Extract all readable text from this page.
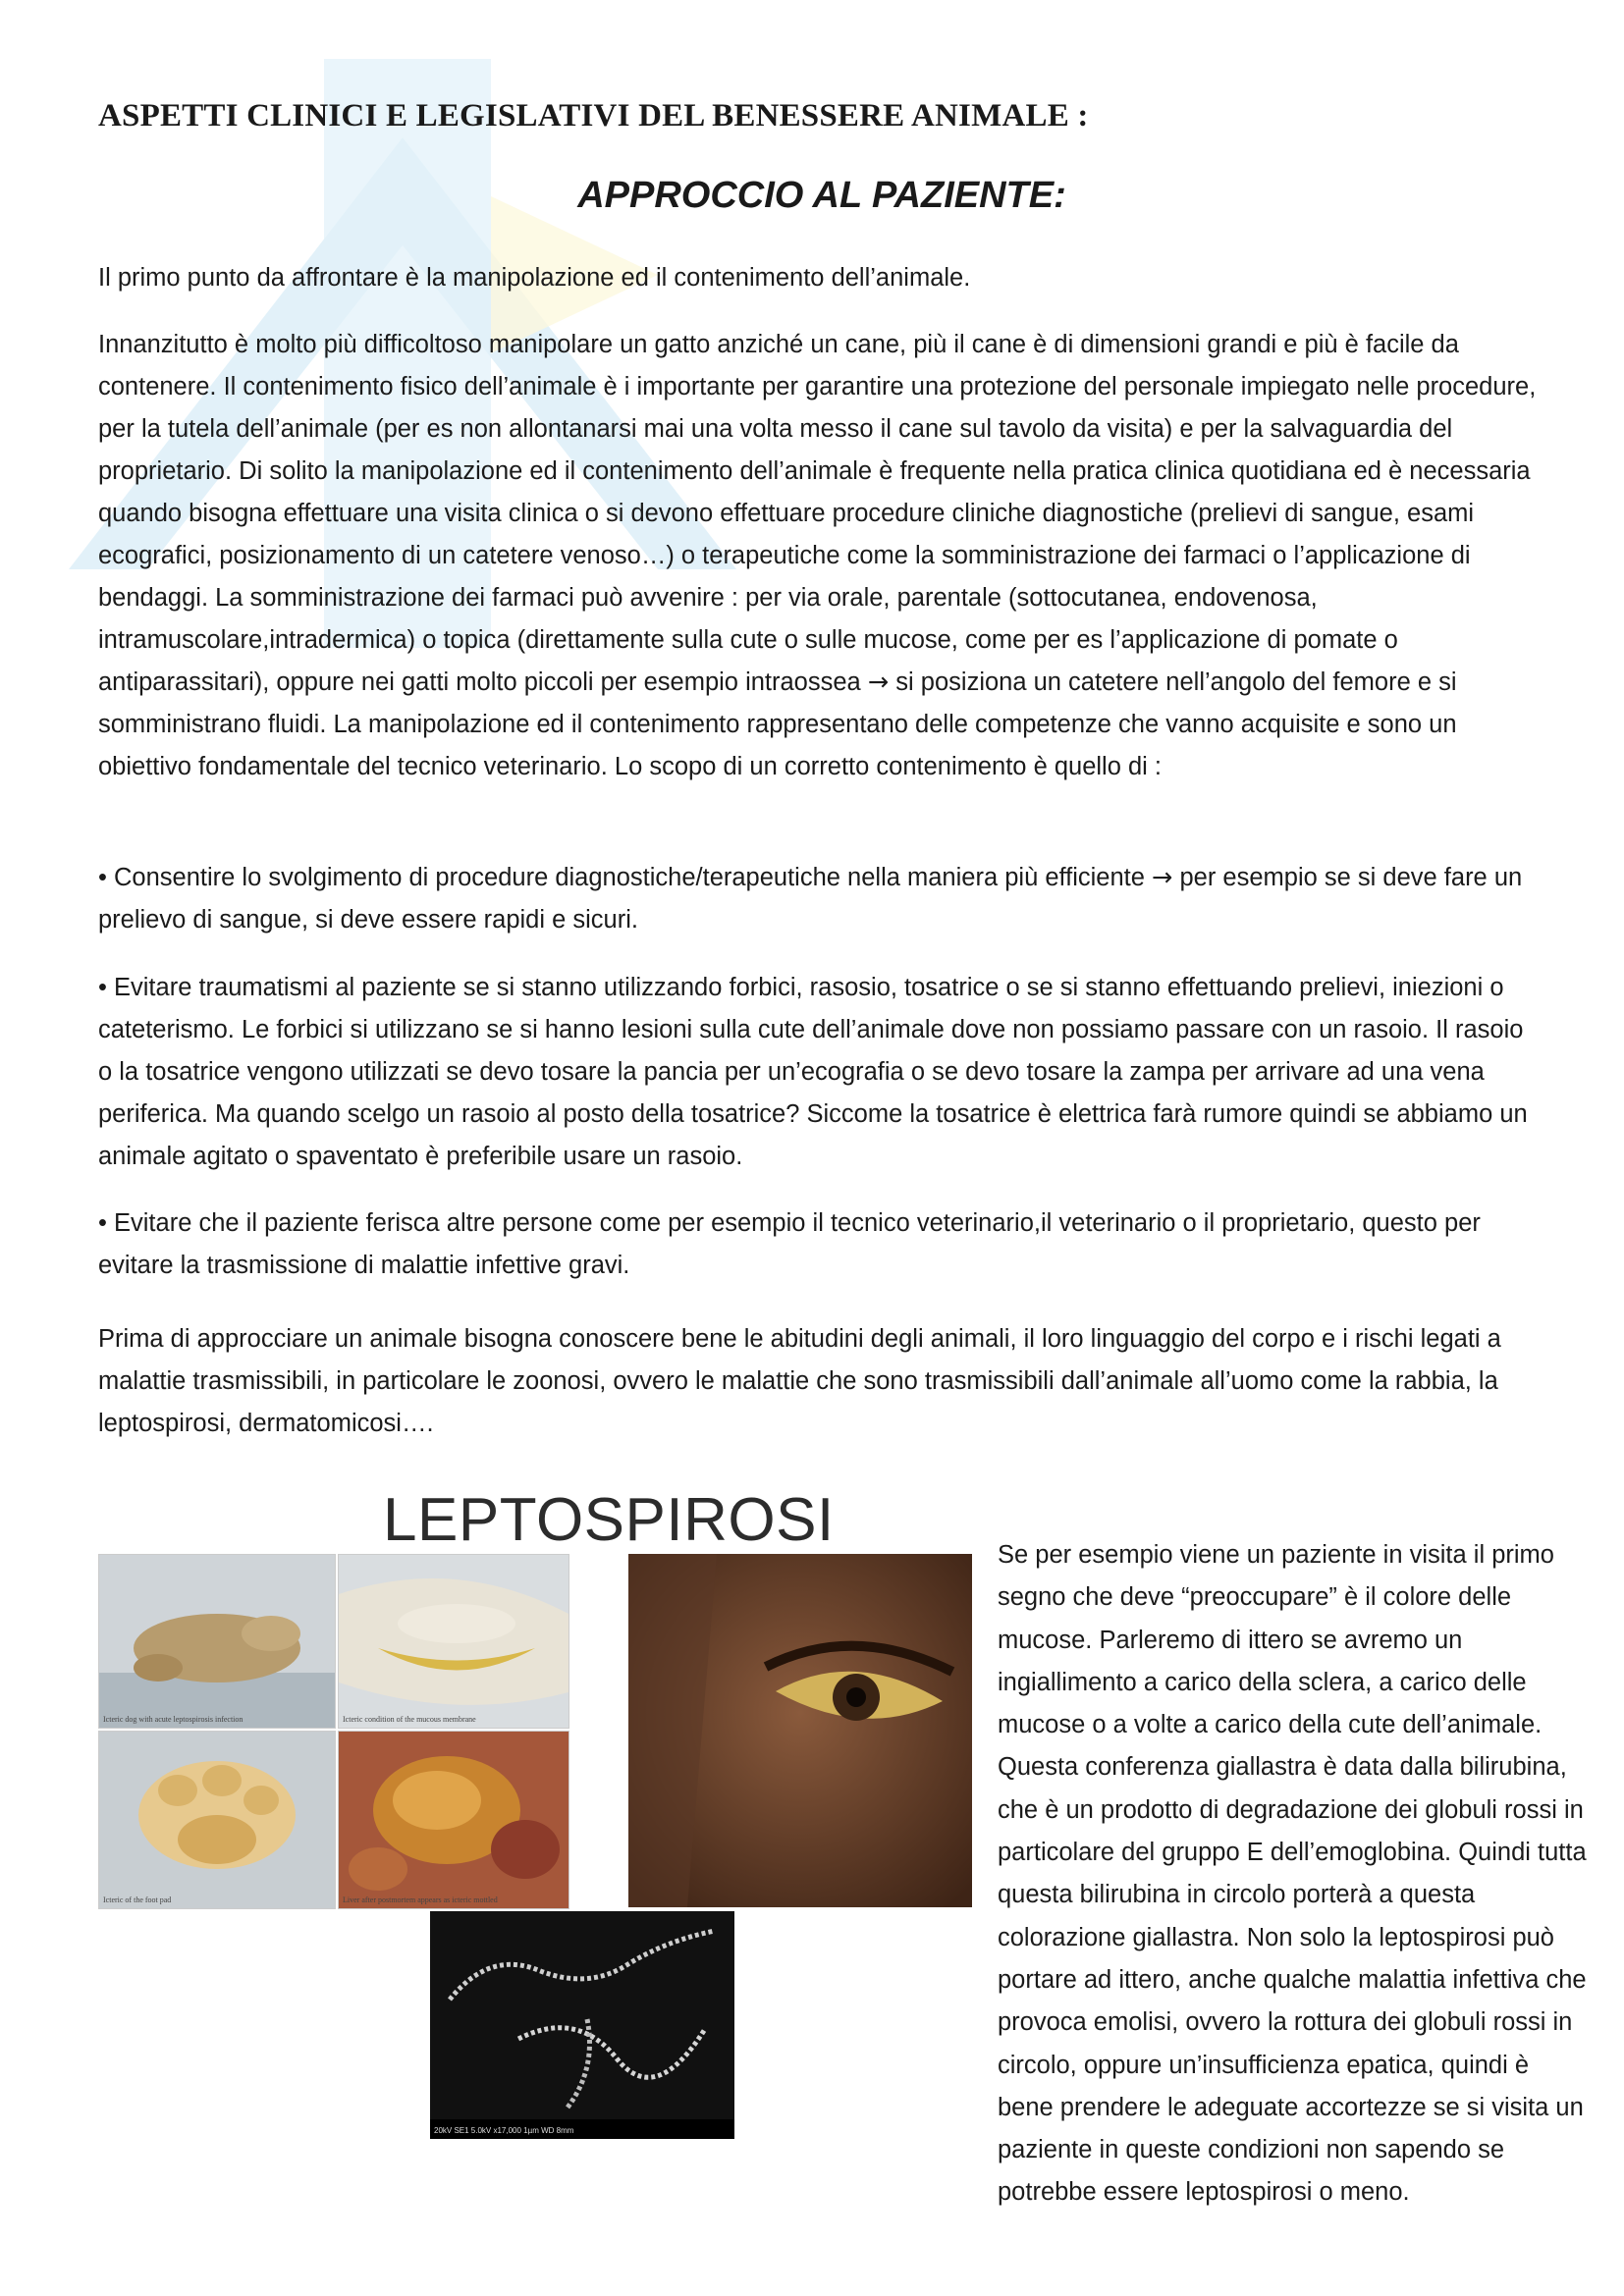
ASPETTI CLINICI E LEGISLATIVI DEL BENESSERE ANIMALE :
APPROCCIO AL PAZIENTE:

Il primo punto da affrontare è la manipolazione ed il contenimento dell’animale.

Innanzitutto è molto più difficoltoso manipolare un gatto anziché un cane, più il cane è di dimensioni grandi e più è facile da contenere. Il contenimento fisico dell’animale è i importante per garantire una protezione del personale impiegato nelle procedure, per la tutela dell’animale (per es non allontanarsi mai una volta messo il cane sul tavolo da visita) e per la salvaguardia del proprietario. Di solito la manipolazione ed il contenimento dell’animale è frequente nella pratica clinica quotidiana ed è necessaria quando bisogna effettuare una visita clinica o si devono effettuare procedure cliniche diagnostiche (prelievi di sangue, esami ecografici, posizionamento di un catetere venoso…) o terapeutiche come la somministrazione dei farmaci o l’applicazione di bendaggi. La somministrazione dei farmaci può avvenire : per via orale, parentale (sottocutanea, endovenosa, intramuscolare,intradermica) o topica (direttamente sulla cute o sulle mucose, come per es l’applicazione di pomate o antiparassitari), oppure nei gatti molto piccoli per esempio intraossea → si posiziona un catetere nell’angolo del femore e si somministrano fluidi. La manipolazione ed il contenimento rappresentano delle competenze che vanno acquisite e sono un obiettivo fondamentale del tecnico veterinario. Lo scopo di un corretto contenimento è quello di :

• Consentire lo svolgimento di procedure diagnostiche/terapeutiche nella maniera più efficiente → per esempio se si deve fare un prelievo di sangue, si deve essere rapidi e sicuri.

• Evitare traumatismi al paziente se si stanno utilizzando forbici, rasosio, tosatrice o se si stanno effettuando prelievi, iniezioni o cateterismo. Le forbici si utilizzano se si hanno lesioni sulla cute dell’animale dove non possiamo passare con un rasoio. Il rasoio o la tosatrice vengono utilizzati se devo tosare la pancia per un’ecografia o se devo tosare la zampa per arrivare ad una vena periferica. Ma quando scelgo un rasoio al posto della tosatrice? Siccome la tosatrice è elettrica farà rumore quindi se abbiamo un animale agitato o spaventato è preferibile usare un rasoio.

• Evitare che il paziente ferisca altre persone come per esempio il tecnico veterinario,il veterinario o il proprietario, questo per evitare la trasmissione di malattie infettive gravi.

Prima di approcciare un animale bisogna conoscere bene le abitudini degli animali, il loro linguaggio del corpo e i rischi legati a malattie trasmissibili, in particolare le zoonosi, ovvero le malattie che sono trasmissibili dall’animale all’uomo come la rabbia, la leptospirosi, dermatomicosi….

LEPTOSPIROSI
Icteric dog with acute leptospirosis infection	Icteric condition of the mucous membrane
Icteric of the foot pad	Liver after postmortem appears as icteric mottled
20kV SE1 5.0kV x17,000 1µm WD 8mm

Se per esempio viene un paziente in visita il primo segno che deve “preoccupare” è il colore delle mucose. Parleremo di ittero se avremo un ingiallimento a carico della sclera, a carico delle mucose o a volte a carico della cute dell’animale. Questa conferenza giallastra è data dalla bilirubina, che è un prodotto di degradazione dei globuli rossi in particolare del gruppo E dell’emoglobina. Quindi tutta questa bilirubina in circolo porterà a questa colorazione giallastra. Non solo la leptospirosi può portare ad ittero, anche qualche malattia infettiva che provoca emolisi, ovvero la rottura dei globuli rossi in circolo, oppure un’insufficienza epatica, quindi è bene prendere le adeguate accortezze se si visita un paziente in queste condizioni non sapendo se potrebbe essere leptospirosi o meno.
